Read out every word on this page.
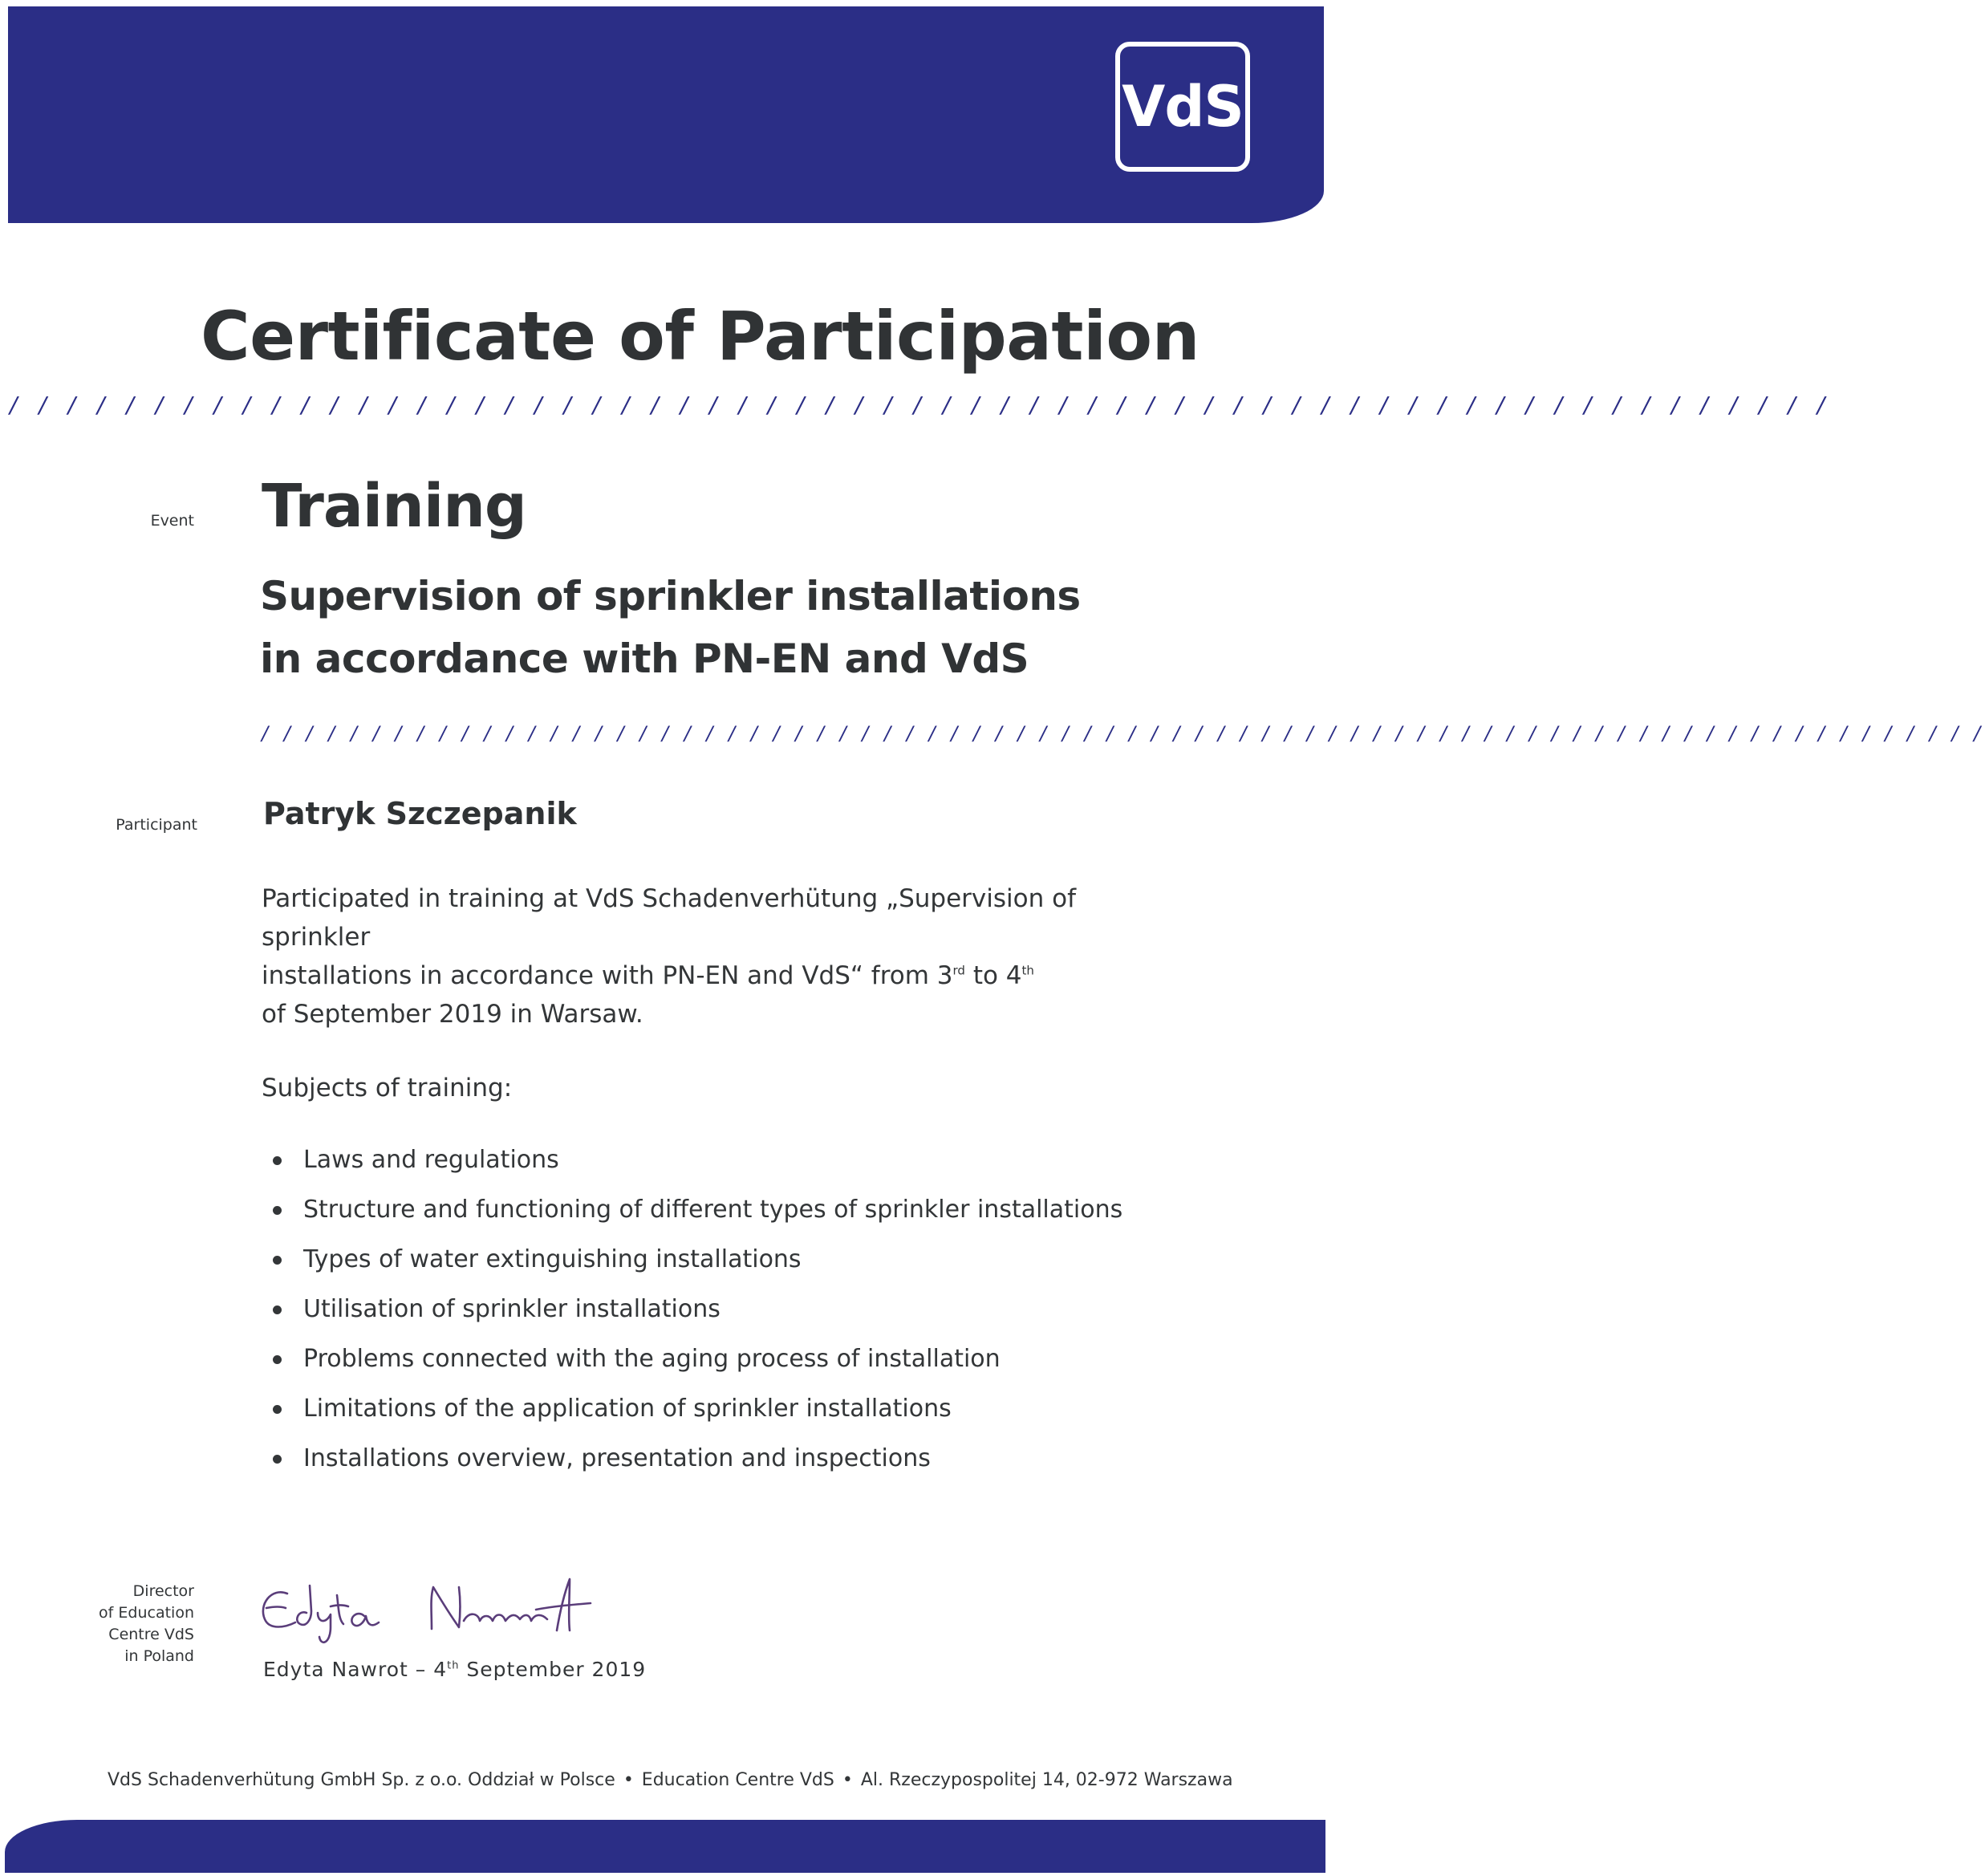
VdS
Certificate of Participation
/ / / / / / / / / / / / / / / / / / / / / / / / / / / / / / / / / / / / / / / / / / / / / / / / / / / / / / / / / / / / / / /
Event Training
Supervision of sprinkler installations
in accordance with PN-EN and VdS
/ / / / / / / / / / / / / / / / / / / / / / / / / / / / / / / / / / / / / / / / / / / / / / / / / / / / / / / / / / / / / / / / / / / / / / / / / / / / / /
Participant Patryk Szczepanik
Participated in training at VdS Schadenverhütung „Supervision of sprinkler
installations in accordance with PN-EN and VdS“ from 3rd to 4th
of September 2019 in Warsaw.
Subjects of training:
Laws and regulations
Structure and functioning of different types of sprinkler installations
Types of water extinguishing installations
Utilisation of sprinkler installations
Problems connected with the aging process of installation
Limitations of the application of sprinkler installations
Installations overview, presentation and inspections
Director
of Education
Centre VdS
in Poland
Edyta Nawrot – 4th September 2019
VdS Schadenverhütung GmbH Sp. z o.o. Oddział w Polsce • Education Centre VdS • Al. Rzeczypospolitej 14, 02-972 Warszawa
